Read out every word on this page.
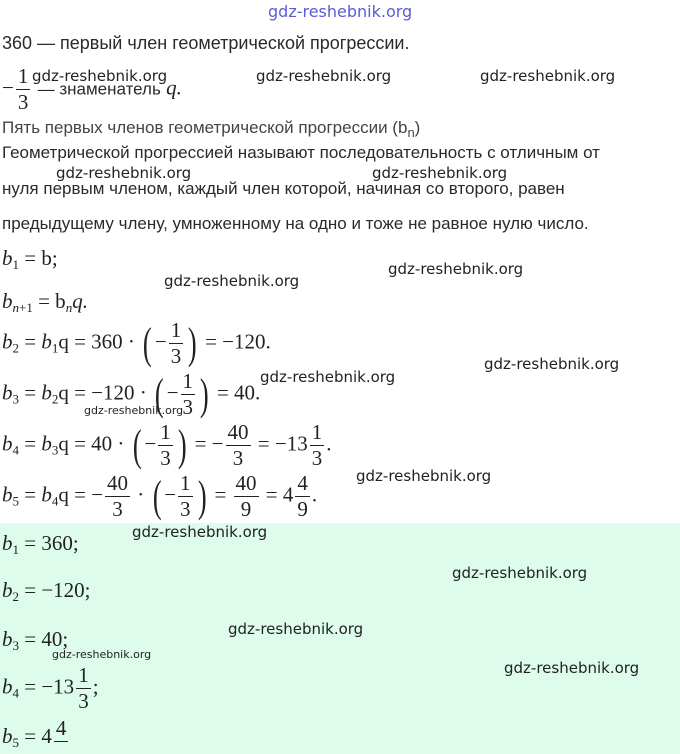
gdz-reshebnik.org
360 — первый член геометрической прогрессии.
− $\frac{1}{3}$ — знаменатель q.
Пять первых членов геометрической прогрессии $(b_n)$
Геометрической прогрессией называют последовательность с отличным от
нуля первым членом, каждый член которой, начиная со второго, равен
предыдущему члену, умноженному на одно и тоже не равное нулю число.
$b_1 = b$;
$b_{n+1} = b_nq$.
$b_2 = b_1q = 360$ · ( − $\frac{1}{3}$ ) = −120.
$b_3 = b_2q = -120$ · ( − $\frac{1}{3}$ ) = 40.
$b_4 = b_3q = 40$ · ( − $\frac{1}{3}$ ) = − $\frac{40}{3} = -13 \frac{1}{3}$ .
$b_5 = b_4q$ = − $\frac{40}{3}$ · ( − $\frac{1}{3}$ ) = $\frac{40}{9} = 4 \frac{4}{9}$ .
$b_1 = 360$;
$b_2 = -120$;
$b_3 = 40$;
$b_4 = -13 \frac{1}{3}$ ;
$b_5 = 4$ 4
gdz-reshebnik.org	gdz-reshebnik.org	gdz-reshebnik.org
gdz-reshebnik.org	gdz-reshebnik.org
gdz-reshebnik.org
gdz-reshebnik.org
gdz-reshebnik.org
gdz-reshebnik.org
gdz-reshebnik.org
gdz-reshebnik.org
gdz-reshebnik.org
gdz-reshebnik.org
gdz-reshebnik.org
gdz-reshebnik.org
gdz-reshebnik.org
